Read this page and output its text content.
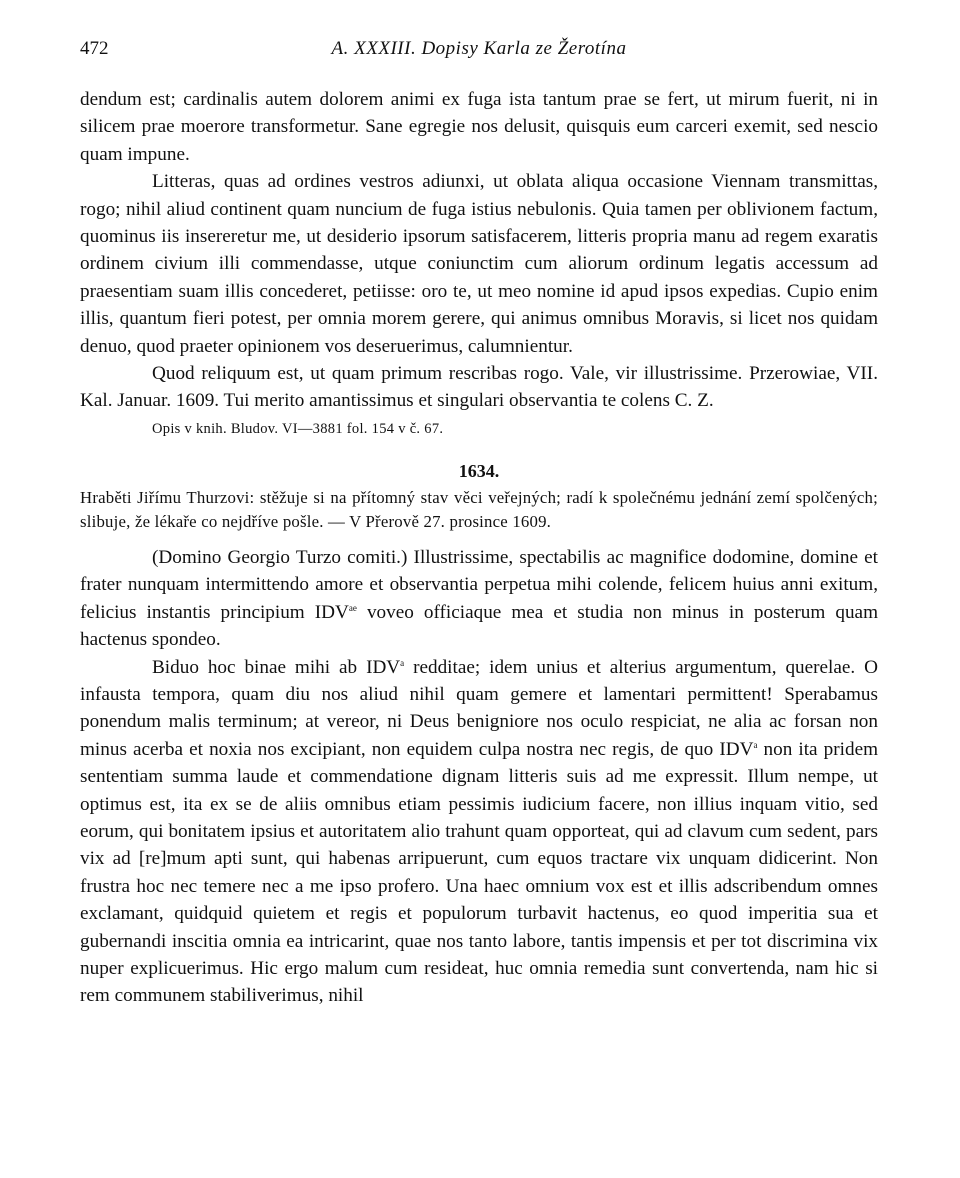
472	A. XXXIII. Dopisy Karla ze Žerotína

dendum est; cardinalis autem dolorem animi ex fuga ista tantum prae se fert, ut mirum fuerit, ni in silicem prae moerore transformetur. Sane egregie nos delusit, quisquis eum carceri exemit, sed nescio quam impune.

Litteras, quas ad ordines vestros adiunxi, ut oblata aliqua occasione Viennam transmittas, rogo; nihil aliud continent quam nuncium de fuga istius nebulonis. Quia tamen per oblivionem factum, quominus iis insereretur me, ut desiderio ipsorum satisfacerem, litteris propria manu ad regem exaratis ordinem civium illi commendasse, utque coniunctim cum aliorum ordinum legatis accessum ad praesentiam suam illis concederet, petiisse: oro te, ut meo nomine id apud ipsos expedias. Cupio enim illis, quantum fieri potest, per omnia morem gerere, qui animus omnibus Moravis, si licet nos quidam denuo, quod praeter opinionem vos deseruerimus, calumnientur.

Quod reliquum est, ut quam primum rescribas rogo. Vale, vir illustrissime. Przerowiae, VII. Kal. Januar. 1609. Tui merito amantissimus et singulari observantia te colens C. Z.

Opis v knih. Bludov. VI—3881 fol. 154 v č. 67.
1634.
Hraběti Jiřímu Thurzovi: stěžuje si na přítomný stav věci veřejných; radí k společnému jednání zemí spolčených; slibuje, že lékaře co nejdříve pošle. — V Přerově 27. prosince 1609.

(Domino Georgio Turzo comiti.) Illustrissime, spectabilis ac magnifice dodomine, domine et frater nunquam intermittendo amore et observantia perpetua mihi colende, felicem huius anni exitum, felicius instantis principium $IDV^{ae}$ voveo officiaque mea et studia non minus in posterum quam hactenus spondeo.

Biduo hoc binae mihi ab IDV$^a$ redditae; idem unius et alterius argumentum, querelae. O infausta tempora, quam diu nos aliud nihil quam gemere et lamentari permittent! Sperabamus ponendum malis terminum; at vereor, ni Deus benigniore nos oculo respiciat, ne alia ac forsan non minus acerba et noxia nos excipiant, non equidem culpa nostra nec regis, de quo IDV$^a$ non ita pridem sententiam summa laude et commendatione dignam litteris suis ad me expressit. Illum nempe, ut optimus est, ita ex se de aliis omnibus etiam pessimis iudicium facere, non illius inquam vitio, sed eorum, qui bonitatem ipsius et autoritatem alio trahunt quam opporteat, qui ad clavum cum sedent, pars vix ad [re]mum apti sunt, qui habenas arripuerunt, cum equos tractare vix unquam didicerint. Non frustra hoc nec temere nec a me ipso profero. Una haec omnium vox est et illis adscribendum omnes exclamant, quidquid quietem et regis et populorum turbavit hactenus, eo quod imperitia sua et gubernandi inscitia omnia ea intricarint, quae nos tanto labore, tantis impensis et per tot discrimina vix nuper explicuerimus. Hic ergo malum cum resideat, huc omnia remedia sunt convertenda, nam hic si rem communem stabiliverimus, nihil
